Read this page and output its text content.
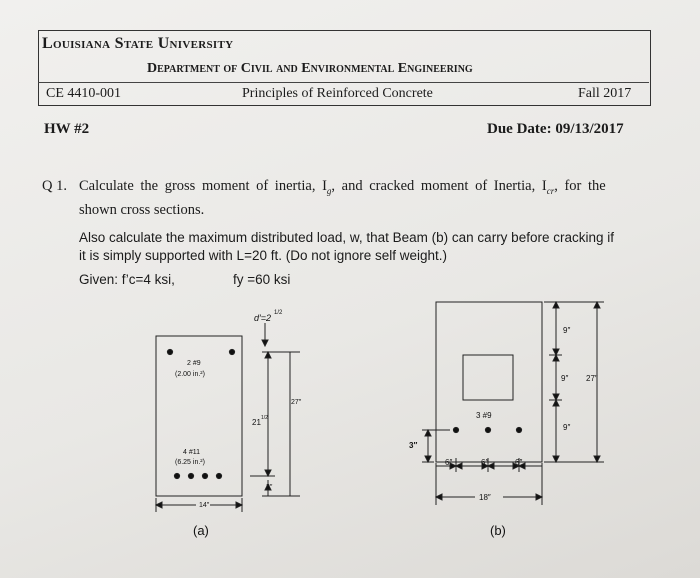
Louisiana State University
Department of Civil and Environmental Engineering
CE 4410-001	Principles of Reinforced Concrete	Fall 2017
HW #2	Due Date: 09/13/2017
Q 1. Calculate the gross moment of inertia, $I_g$, and cracked moment of Inertia, $I_{cr}$, for the
shown cross sections.
Also calculate the maximum distributed load, w, that Beam (b) can carry before cracking if
it is simply supported with L=20 ft. (Do not ignore self weight.)
Given: f’c=4 ksi,	fy =60 ksi
d′=2 1/2
2 #9
(2.00 in.²)
4 #11
(6.25 in.²)
27″
21 1/2
3″
14″
(a)
9″
9″
9″
27″
3 #9
3″
6″	6″	6″
18″
(b)
